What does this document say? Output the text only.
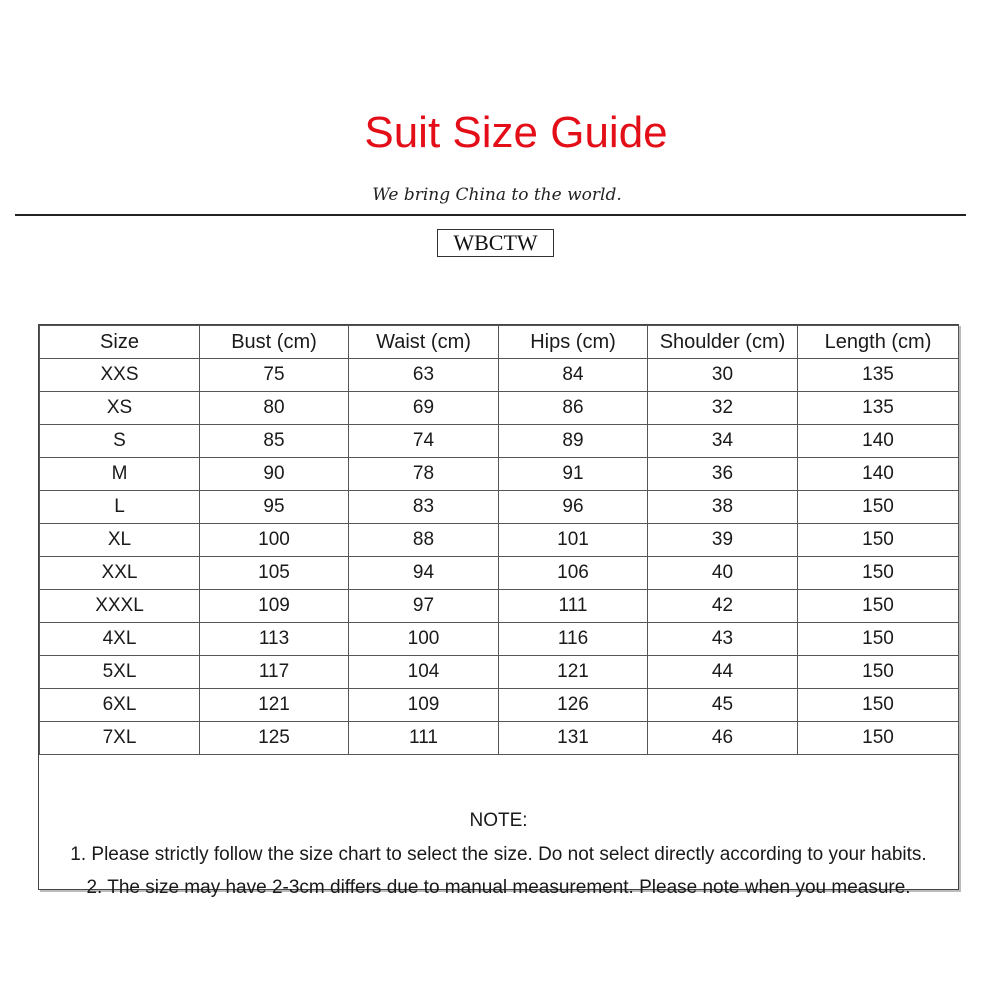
Suit Size Guide
We bring China to the world.
WBCTW
Size	Bust (cm)	Waist (cm)	Hips (cm)	Shoulder (cm)	Length (cm)
XXS	75	63	84	30	135
XS	80	69	86	32	135
S	85	74	89	34	140
M	90	78	91	36	140
L	95	83	96	38	150
XL	100	88	101	39	150
XXL	105	94	106	40	150
XXXL	109	97	111	42	150
4XL	113	100	116	43	150
5XL	117	104	121	44	150
6XL	121	109	126	45	150
7XL	125	111	131	46	150
NOTE:
1. Please strictly follow the size chart to select the size. Do not select directly according to your habits.
2. The size may have 2-3cm differs due to manual measurement. Please note when you measure.
